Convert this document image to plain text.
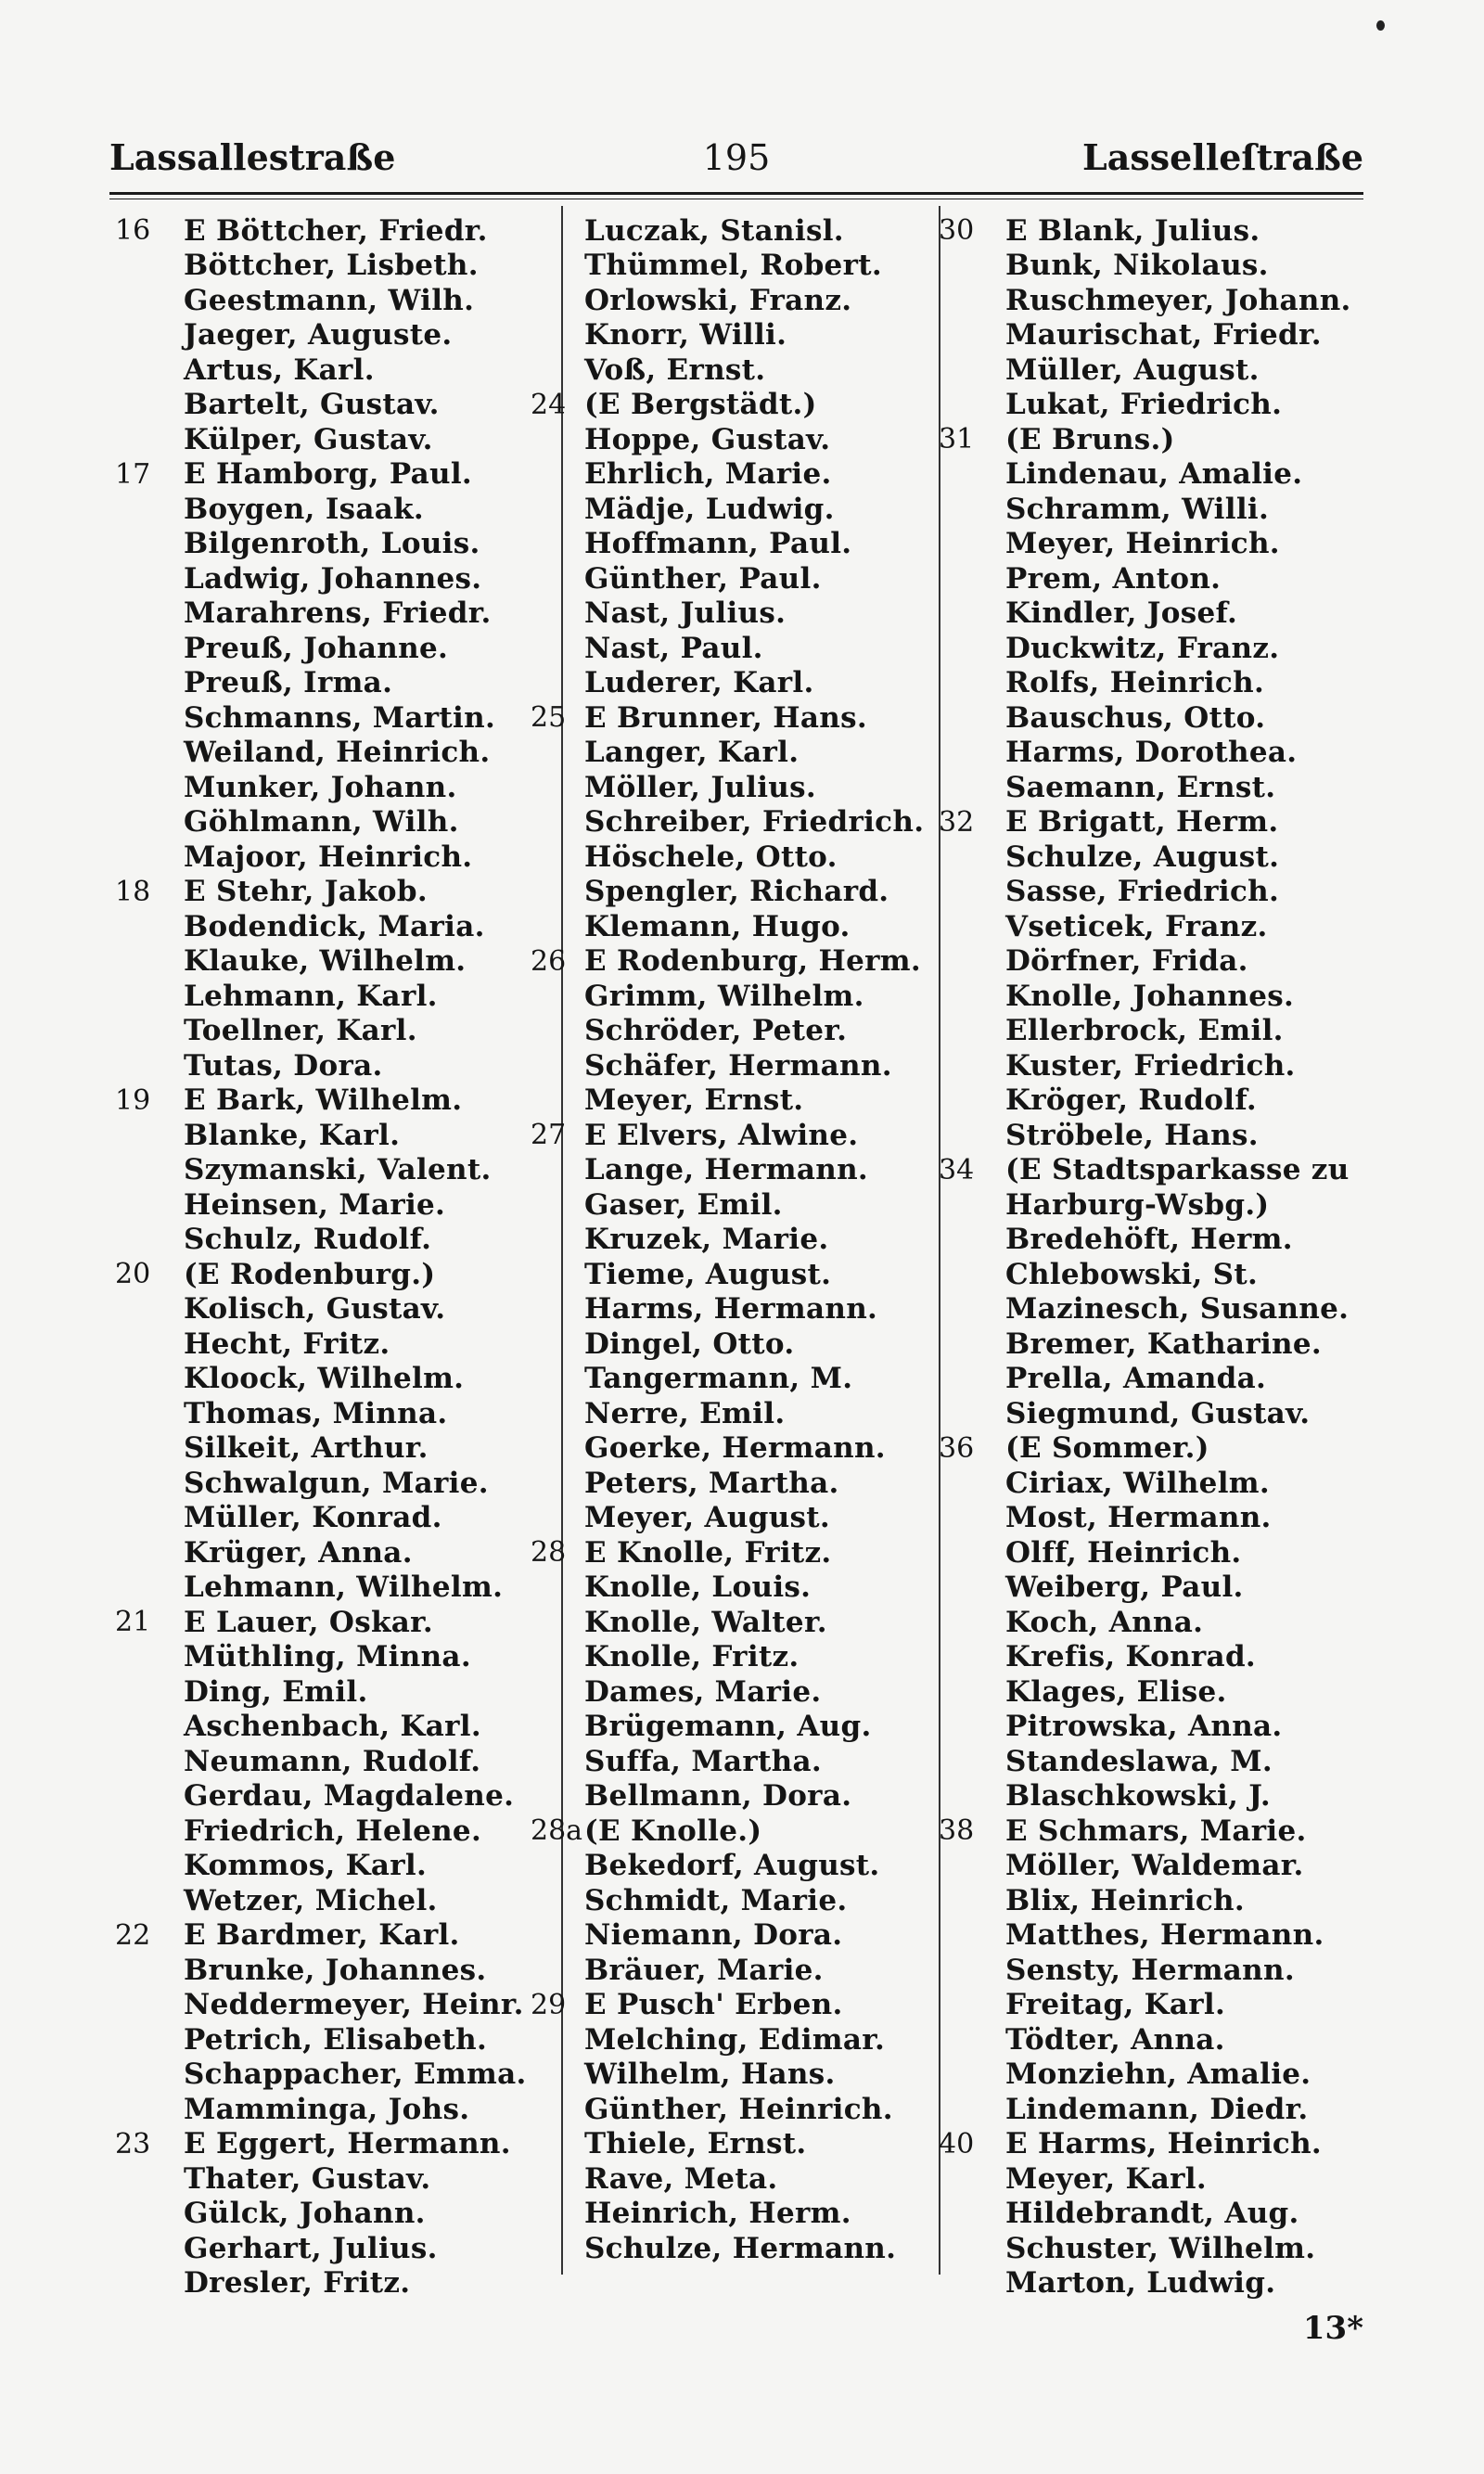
Lassallestraße	195	Lasselleſtraße
16	E Böttcher, Friedr.
Böttcher, Lisbeth.
Geestmann, Wilh.
Jaeger, Auguste.
Artus, Karl.
Bartelt, Gustav.
Külper, Gustav.
17	E Hamborg, Paul.
Boygen, Isaak.
Bilgenroth, Louis.
Ladwig, Johannes.
Marahrens, Friedr.
Preuß, Johanne.
Preuß, Irma.
Schmanns, Martin.
Weiland, Heinrich.
Munker, Johann.
Göhlmann, Wilh.
Majoor, Heinrich.
18	E Stehr, Jakob.
Bodendick, Maria.
Klauke, Wilhelm.
Lehmann, Karl.
Toellner, Karl.
Tutas, Dora.
19	E Bark, Wilhelm.
Blanke, Karl.
Szymanski, Valent.
Heinsen, Marie.
Schulz, Rudolf.
20	(E Rodenburg.)
Kolisch, Gustav.
Hecht, Fritz.
Kloock, Wilhelm.
Thomas, Minna.
Silkeit, Arthur.
Schwalgun, Marie.
Müller, Konrad.
Krüger, Anna.
Lehmann, Wilhelm.
21	E Lauer, Oskar.
Müthling, Minna.
Ding, Emil.
Aschenbach, Karl.
Neumann, Rudolf.
Gerdau, Magdalene.
Friedrich, Helene.
Kommos, Karl.
Wetzer, Michel.
22	E Bardmer, Karl.
Brunke, Johannes.
Neddermeyer, Heinr.
Petrich, Elisabeth.
Schappacher, Emma.
Mamminga, Johs.
23	E Eggert, Hermann.
Thater, Gustav.
Gülck, Johann.
Gerhart, Julius.
Dresler, Fritz.
Luczak, Stanisl.
Thümmel, Robert.
Orlowski, Franz.
Knorr, Willi.
Voß, Ernst.
24 (E Bergstädt.)
Hoppe, Gustav.
Ehrlich, Marie.
Mädje, Ludwig.
Hoffmann, Paul.
Günther, Paul.
Nast, Julius.
Nast, Paul.
Luderer, Karl.
25 E Brunner, Hans.
Langer, Karl.
Möller, Julius.
Schreiber, Friedrich.
Höschele, Otto.
Spengler, Richard.
Klemann, Hugo.
26 E Rodenburg, Herm.
Grimm, Wilhelm.
Schröder, Peter.
Schäfer, Hermann.
Meyer, Ernst.
27 E Elvers, Alwine.
Lange, Hermann.
Gaser, Emil.
Kruzek, Marie.
Tieme, August.
Harms, Hermann.
Dingel, Otto.
Tangermann, M.
Nerre, Emil.
Goerke, Hermann.
Peters, Martha.
Meyer, August.
28 E Knolle, Fritz.
Knolle, Louis.
Knolle, Walter.
Knolle, Fritz.
Dames, Marie.
Brügemann, Aug.
Suffa, Martha.
Bellmann, Dora.
28a (E Knolle.)
Bekedorf, August.
Schmidt, Marie.
Niemann, Dora.
Bräuer, Marie.
29 E Pusch' Erben.
Melching, Edimar.
Wilhelm, Hans.
Günther, Heinrich.
Thiele, Ernst.
Rave, Meta.
Heinrich, Herm.
Schulze, Hermann.
30	E Blank, Julius.
Bunk, Nikolaus.
Ruschmeyer, Johann.
Maurischat, Friedr.
Müller, August.
Lukat, Friedrich.
31	(E Bruns.)
Lindenau, Amalie.
Schramm, Willi.
Meyer, Heinrich.
Prem, Anton.
Kindler, Josef.
Duckwitz, Franz.
Rolfs, Heinrich.
Bauschus, Otto.
Harms, Dorothea.
Saemann, Ernst.
32	E Brigatt, Herm.
Schulze, August.
Sasse, Friedrich.
Vseticek, Franz.
Dörfner, Frida.
Knolle, Johannes.
Ellerbrock, Emil.
Kuster, Friedrich.
Kröger, Rudolf.
Ströbele, Hans.
34	(E Stadtsparkasse zu
Harburg-Wsbg.)
Bredehöft, Herm.
Chlebowski, St.
Mazinesch, Susanne.
Bremer, Katharine.
Prella, Amanda.
Siegmund, Gustav.
36	(E Sommer.)
Ciriax, Wilhelm.
Most, Hermann.
Olff, Heinrich.
Weiberg, Paul.
Koch, Anna.
Krefis, Konrad.
Klages, Elise.
Pitrowska, Anna.
Standeslawa, M.
Blaschkowski, J.
38	E Schmars, Marie.
Möller, Waldemar.
Blix, Heinrich.
Matthes, Hermann.
Sensty, Hermann.
Freitag, Karl.
Tödter, Anna.
Monziehn, Amalie.
Lindemann, Diedr.
40	E Harms, Heinrich.
Meyer, Karl.
Hildebrandt, Aug.
Schuster, Wilhelm.
Marton, Ludwig.
13*
